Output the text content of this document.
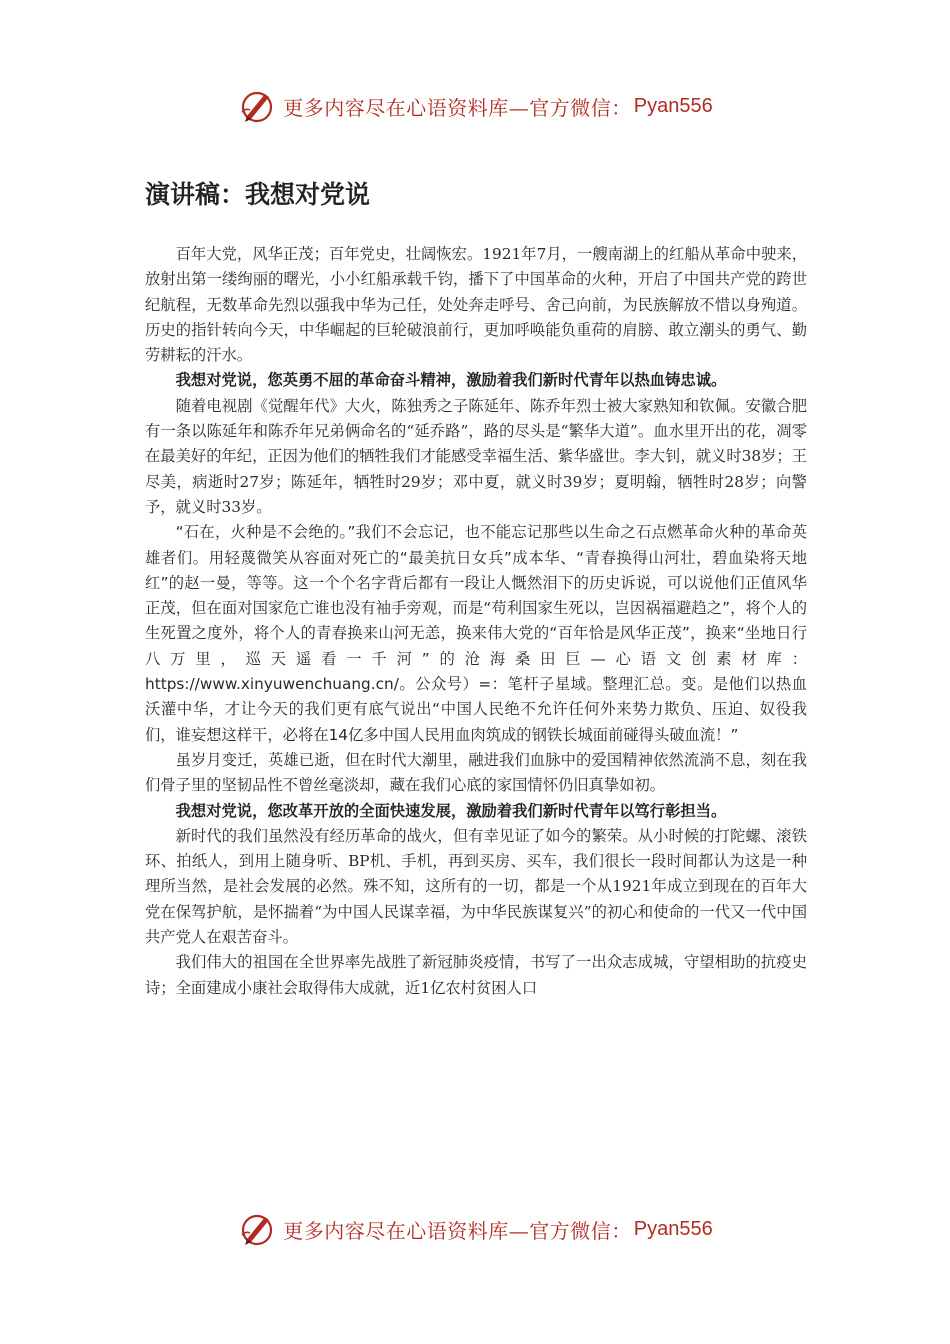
更多内容尽在心语资料库—官方微信： Pyan556
演讲稿：我想对党说

百年大党，风华正茂；百年党史，壮阔恢宏。1921年7月，一艘南湖上的红船从革命中驶来，放射出第一缕绚丽的曙光，小小红船承载千钧，播下了中国革命的火种，开启了中国共产党的跨世纪航程，无数革命先烈以强我中华为己任，处处奔走呼号、舍己向前，为民族解放不惜以身殉道。历史的指针转向今天，中华崛起的巨轮破浪前行，更加呼唤能负重荷的肩膀、敢立潮头的勇气、勤劳耕耘的汗水。

我想对党说，您英勇不屈的革命奋斗精神，激励着我们新时代青年以热血铸忠诚。

随着电视剧《觉醒年代》大火，陈独秀之子陈延年、陈乔年烈士被大家熟知和钦佩。安徽合肥有一条以陈延年和陈乔年兄弟俩命名的“延乔路”，路的尽头是“繁华大道”。血水里开出的花，凋零在最美好的年纪，正因为他们的牺牲我们才能感受幸福生活、紫华盛世。李大钊，就义时38岁；王尽美，病逝时27岁；陈延年，牺牲时29岁；邓中夏，就义时39岁；夏明翰，牺牲时28岁；向警予，就义时33岁。

“石在，火种是不会绝的。”我们不会忘记，也不能忘记那些以生命之石点燃革命火种的革命英雄者们。用轻蔑微笑从容面对死亡的“最美抗日女兵”成本华、“青春换得山河壮，碧血染将天地红”的赵一曼，等等。这一个个名字背后都有一段让人慨然泪下的历史诉说，可以说他们正值风华正茂，但在面对国家危亡谁也没有袖手旁观，而是“苟利国家生死以，岂因祸福避趋之”，将个人的生死置之度外，将个人的青春换来山河无恙，换来伟大党的“百年恰是风华正茂”，换来“坐地日行八万里，巡天遥看一千河”的沧海桑田巨—心语文创素材库：https://www.xinyuwenchuang.cn/。公众号）=：笔杆子星域。整理汇总。变。是他们以热血沃灌中华，才让今天的我们更有底气说出“中国人民绝不允许任何外来势力欺负、压迫、奴役我们，谁妄想这样干，必将在14亿多中国人民用血肉筑成的钢铁长城面前碰得头破血流！”

虽岁月变迁，英雄已逝，但在时代大潮里，融进我们血脉中的爱国精神依然流淌不息，刻在我们骨子里的坚韧品性不曾丝毫淡却，藏在我们心底的家国情怀仍旧真挚如初。

我想对党说，您改革开放的全面快速发展，激励着我们新时代青年以笃行彰担当。

新时代的我们虽然没有经历革命的战火，但有幸见证了如今的繁荣。从小时候的打陀螺、滚铁环、拍纸人，到用上随身听、BP机、手机，再到买房、买车，我们很长一段时间都认为这是一种理所当然，是社会发展的必然。殊不知，这所有的一切，都是一个从1921年成立到现在的百年大党在保驾护航，是怀揣着“为中国人民谋幸福，为中华民族谋复兴”的初心和使命的一代又一代中国共产党人在艰苦奋斗。

我们伟大的祖国在全世界率先战胜了新冠肺炎疫情，书写了一出众志成城，守望相助的抗疫史诗；全面建成小康社会取得伟大成就，近1亿农村贫困人口

更多内容尽在心语资料库—官方微信： Pyan556
